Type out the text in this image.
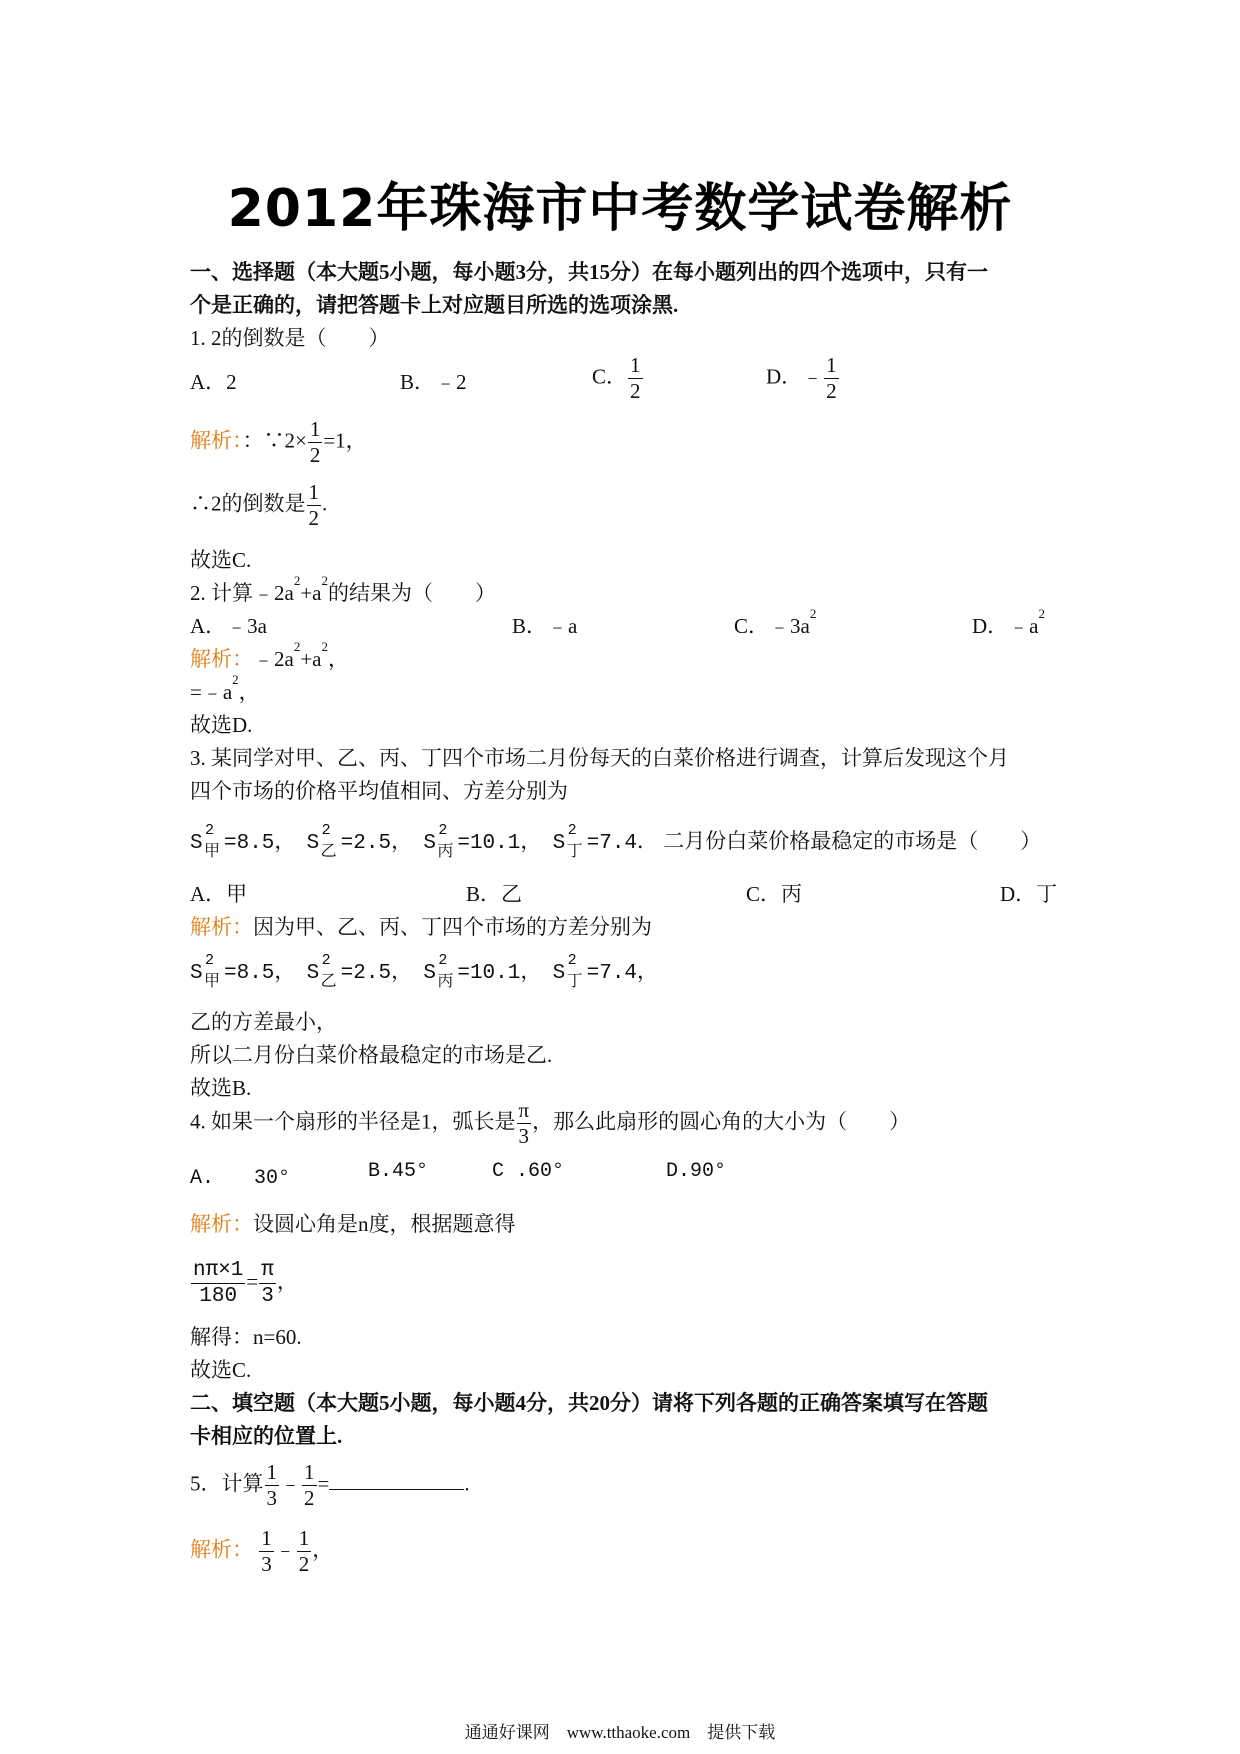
2012年珠海市中考数学试卷解析
一、选择题（本大题5小题，每小题3分，共15分）在每小题列出的四个选项中，只有一
个是正确的，请把答题卡上对应题目所选的选项涂黑.
1. 2的倒数是（　　）
A．2	B．﹣2	C． $\frac{1}{2}$	D．﹣ $\frac{1}{2}$
解析：：∵2× $\frac{1}{2} =1$，
∴2的倒数是 $\frac{1}{2}$ .
故选C.
2. 计算$﹣2a^2+a^2$的结果为（　　）
A．﹣3a	B．﹣a	C．$﹣3a^2$
D．$﹣a^2$
解析：$﹣2a^2+a^2$，
$=﹣a^2$，
故选D.
3. 某同学对甲、乙、丙、丁四个市场二月份每天的白菜价格进行调查，计算后发现这个月
四个市场的价格平均值相同、方差分别为
S
2
甲 =8.5， S
2
乙 =2.5， S
2
丙 =10.1， S
2
丁 =7.4． 二月份白菜价格最稳定的市场是（　　）
A．甲	B．乙	C．丙	D．丁
解析：因为甲、乙、丙、丁四个市场的方差分别为
S
2
甲 =8.5， S
2
乙 =2.5， S
2
丙 =10.1， S
2
丁 =7.4，
乙的方差最小，
所以二月份白菜价格最稳定的市场是乙.
故选B.
4. 如果一个扇形的半径是1，弧长是 $\frac{\pi}{3}$ ，那么此扇形的圆心角的大小为（　　）
A.　　30°	B.45°	C .60°	D.90°
解析：设圆心角是n度，根据题意得
$\frac{n\pi\times 1}{180} = \frac{\pi}{3}$ ，
解得：n=60.
故选C.
二、填空题（本大题5小题，每小题4分，共20分）请将下列各题的正确答案填写在答题
卡相应的位置上.
5．计算 $\frac{1}{3}$ ﹣ $\frac{1}{2}$ =	.
解析： $\frac{1}{3}$ ﹣ $\frac{1}{2}$ ，
通通好课网　www.tthaoke.com　提供下载
